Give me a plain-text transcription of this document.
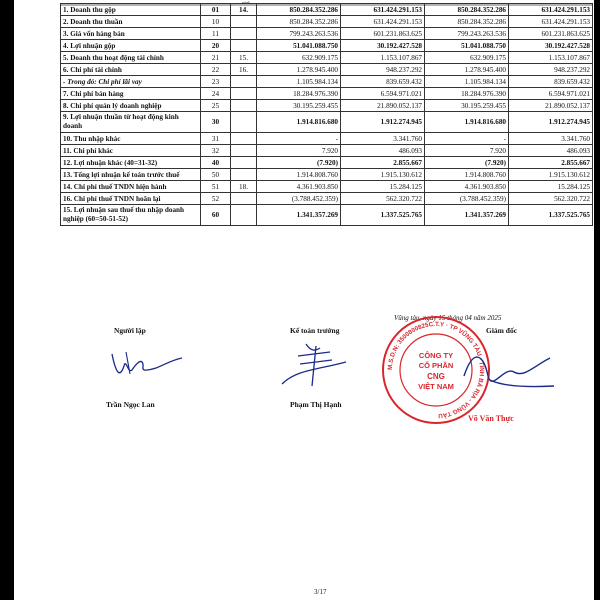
minh
1. Doanh thu gộp	01	14.	850.284.352.286	631.424.291.153	850.284.352.286	631.424.291.153
2. Doanh thu thuần	10		850.284.352.286	631.424.291.153	850.284.352.286	631.424.291.153
3. Giá vốn hàng bán	11		799.243.263.536	601.231.863.625	799.243.263.536	601.231.863.625
4. Lợi nhuận gộp	20		51.041.088.750	30.192.427.528	51.041.088.750	30.192.427.528
5. Doanh thu hoạt động tài chính	21	15.	632.909.175	1.153.107.867	632.909.175	1.153.107.867
6. Chi phí tài chính	22	16.	1.278.945.400	948.237.292	1.278.945.400	948.237.292
- Trong đó: Chi phí lãi vay	23		1.105.984.134	839.659.432	1.105.984.134	839.659.432
7. Chi phí bán hàng	24		18.284.976.390	6.594.971.021	18.284.976.390	6.594.971.021
8. Chi phí quản lý doanh nghiệp	25		30.195.259.455	21.890.052.137	30.195.259.455	21.890.052.137
9. Lợi nhuận thuần từ hoạt động kinh doanh	30		1.914.816.680	1.912.274.945	1.914.816.680	1.912.274.945
10. Thu nhập khác	31		-	3.341.760	-	3.341.760
11. Chi phí khác	32		7.920	486.093	7.920	486.093
12. Lợi nhuận khác (40=31-32)	40		(7.920)	2.855.667	(7.920)	2.855.667
13. Tổng lợi nhuận kế toán trước thuế	50		1.914.808.760	1.915.130.612	1.914.808.760	1.915.130.612
14. Chi phí thuế TNDN hiện hành	51	18.	4.361.903.850	15.284.125	4.361.903.850	15.284.125
16. Chi phí thuế TNDN hoãn lại	52		(3.788.452.359)	562.320.722	(3.788.452.359)	562.320.722
15. Lợi nhuận sau thuế thu nhập doanh nghiệp (60=50-51-52)	60		1.341.357.269	1.337.525.765	1.341.357.269	1.337.525.765
Vũng tàu, ngày 15 tháng 04 năm 2025
Người lập
Trần Ngọc Lan
Kế toán trưởng
Phạm Thị Hạnh
Giám đốc
M.S.D.N: 3500800825C.T.Y · TP VŨNG TÀU - TỈNH BÀ RỊA - VŨNG TÀU
CÔNG TY
CỔ PHẦN
CNG
VIỆT NAM
Võ Văn Thực
3/17
